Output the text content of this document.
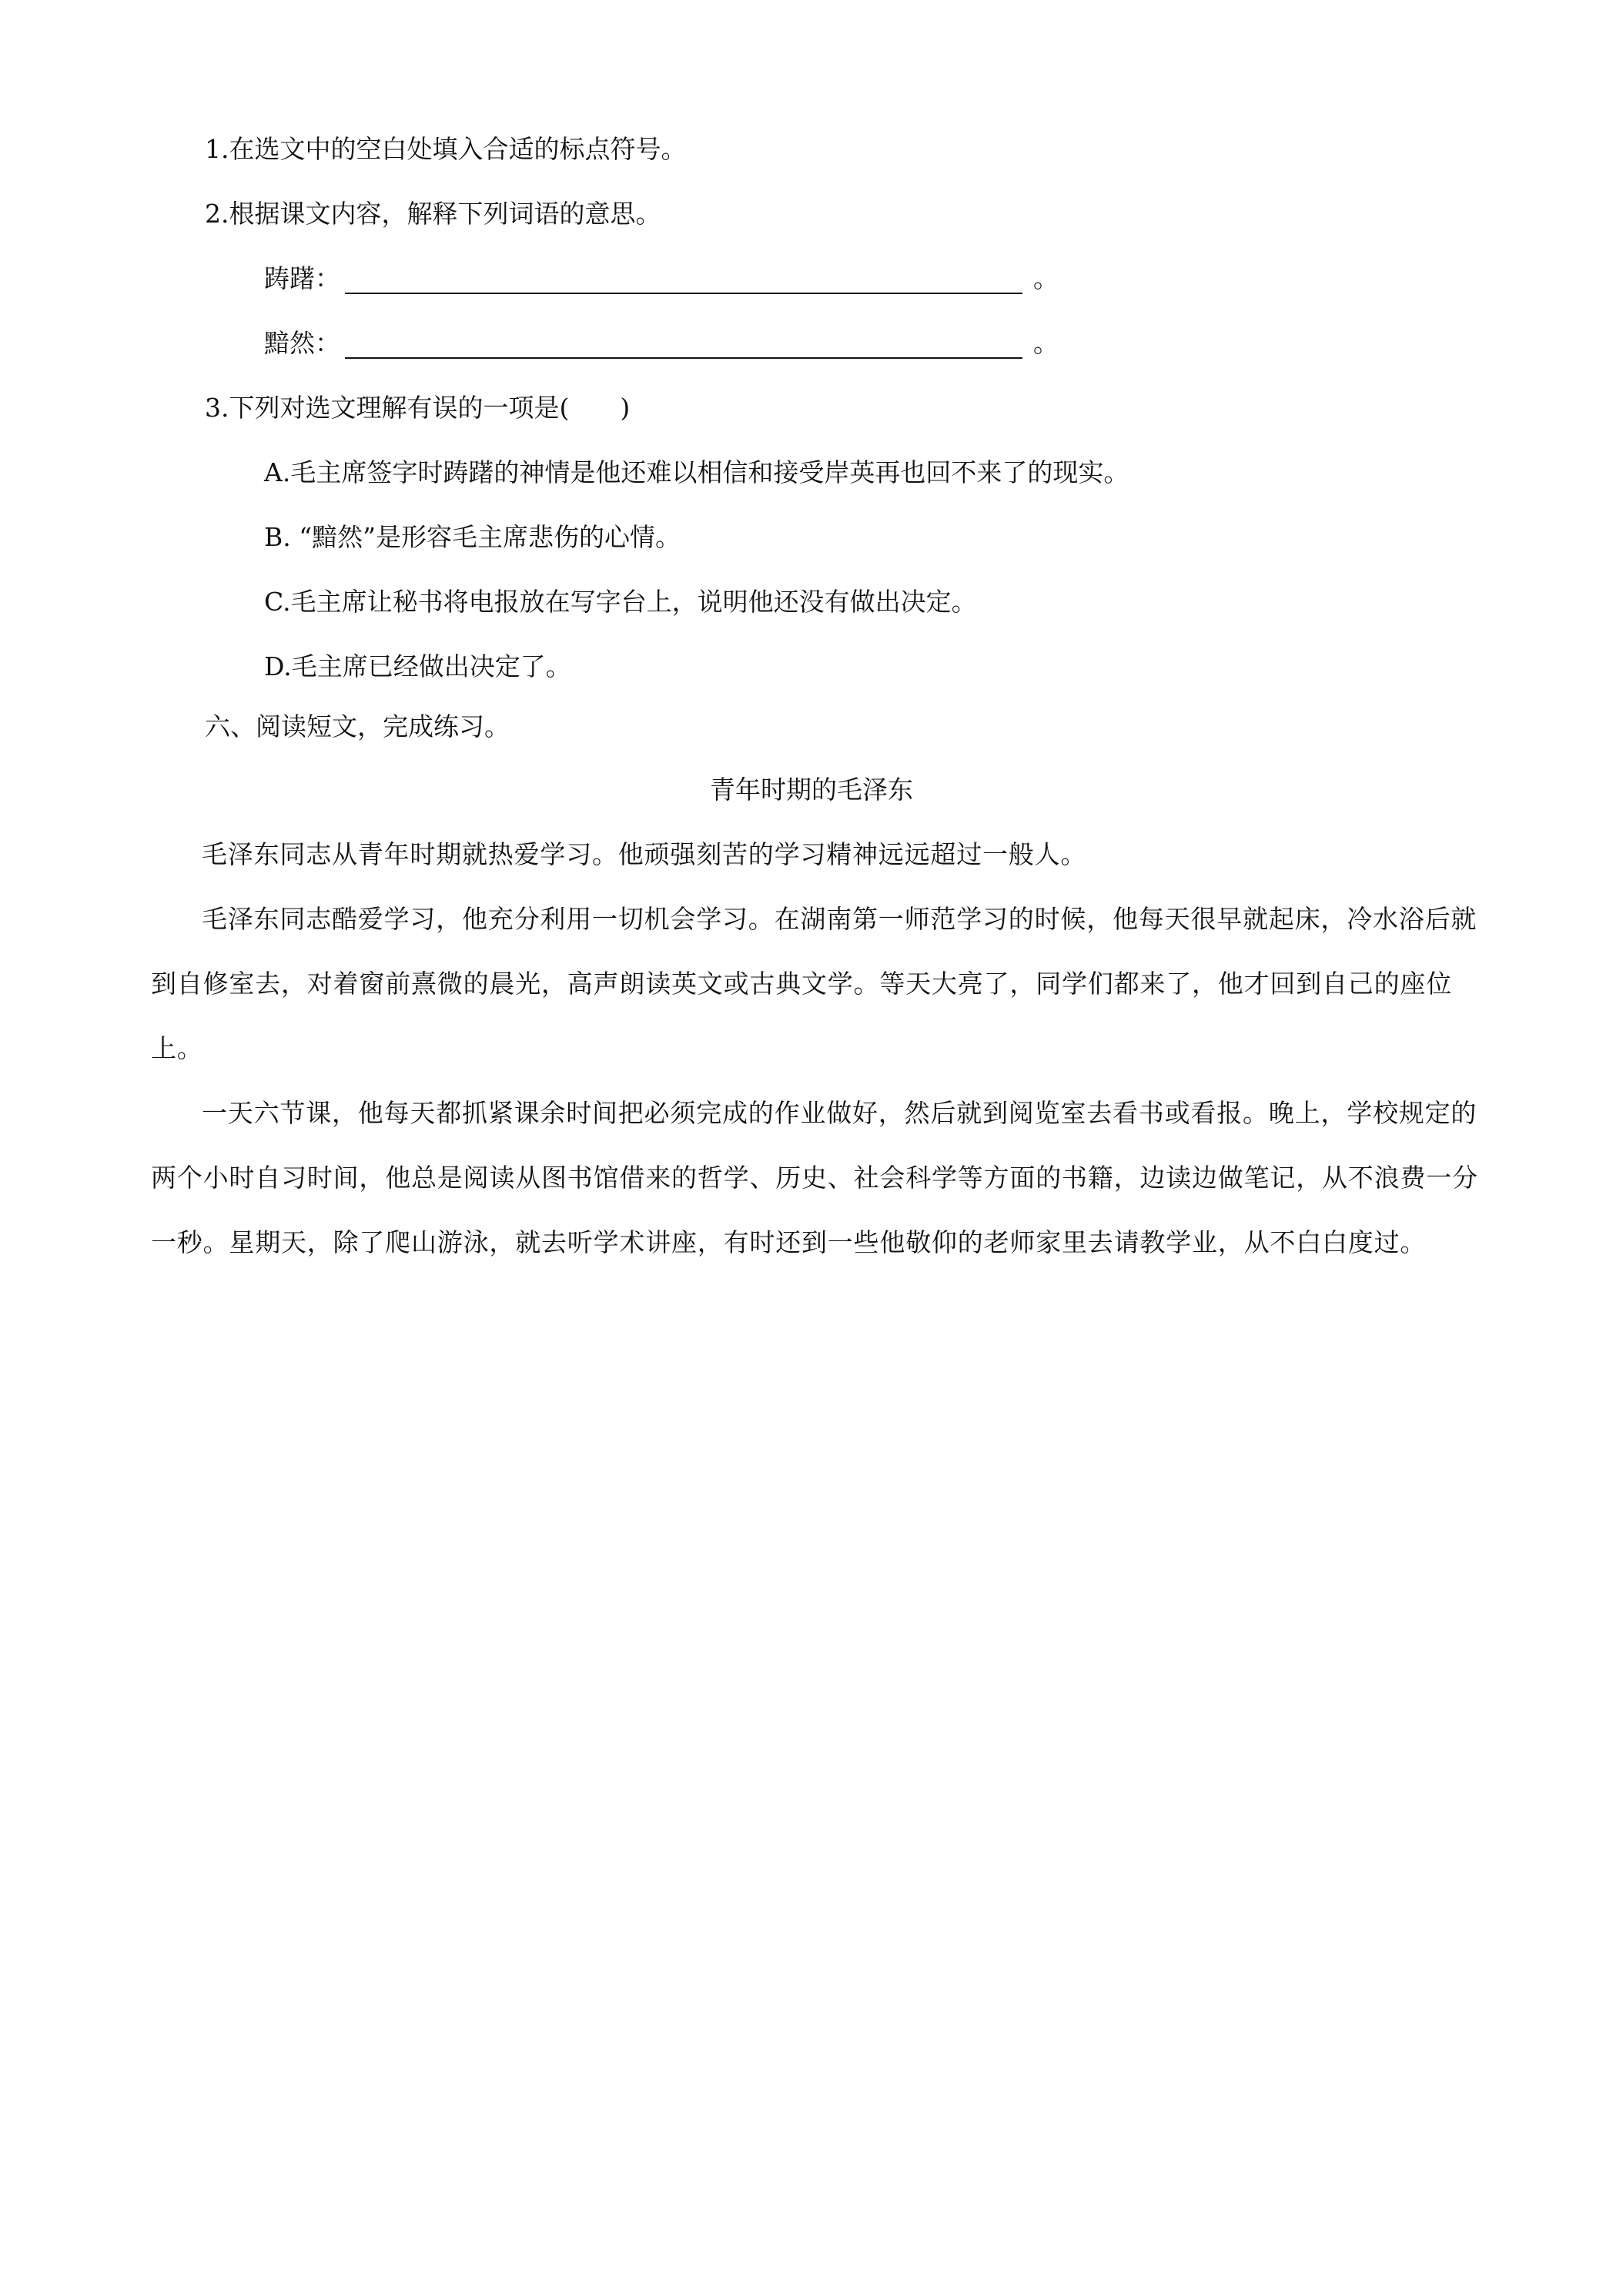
1.在选文中的空白处填入合适的标点符号。
2.根据课文内容，解释下列词语的意思。
踌躇：	。
黯然：	。
3.下列对选文理解有误的一项是(　　)
A.毛主席签字时踌躇的神情是他还难以相信和接受岸英再也回不来了的现实。
B. “黯然”是形容毛主席悲伤的心情。
C.毛主席让秘书将电报放在写字台上，说明他还没有做出决定。
D.毛主席已经做出决定了。
六、阅读短文，完成练习。
青年时期的毛泽东
毛泽东同志从青年时期就热爱学习。他顽强刻苦的学习精神远远超过一般人。
毛泽东同志酷爱学习，他充分利用一切机会学习。在湖南第一师范学习的时候，他每天很早就起床，冷水浴后就到自修室去，对着窗前熹微的晨光，高声朗读英文或古典文学。等天大亮了，同学们都来了，他才回到自己的座位上。
一天六节课，他每天都抓紧课余时间把必须完成的作业做好，然后就到阅览室去看书或看报。晚上，学校规定的两个小时自习时间，他总是阅读从图书馆借来的哲学、历史、社会科学等方面的书籍，边读边做笔记，从不浪费一分一秒。星期天，除了爬山游泳，就去听学术讲座，有时还到一些他敬仰的老师家里去请教学业，从不白白度过。
